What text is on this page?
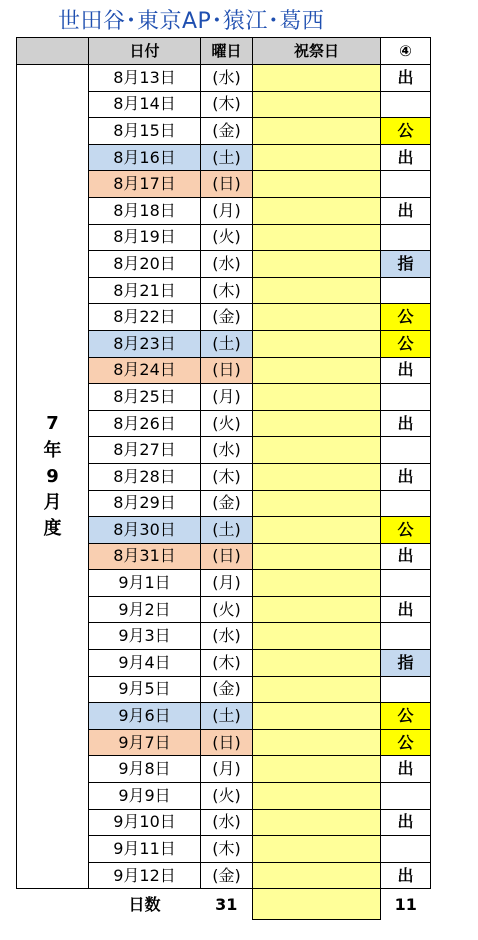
世田谷･東京AP･猿江･葛西
	日付	曜日	祝祭日	④

7
年
9
月
度	8月13日	(水)		出
	8月14日	(木)		
	8月15日	(金)		公
	8月16日	(土)		出
	8月17日	(日)		
	8月18日	(月)		出
	8月19日	(火)		
	8月20日	(水)		指
	8月21日	(木)		
	8月22日	(金)		公
	8月23日	(土)		公
	8月24日	(日)		出
	8月25日	(月)		
	8月26日	(火)		出
	8月27日	(水)		
	8月28日	(木)		出
	8月29日	(金)		
	8月30日	(土)		公
	8月31日	(日)		出
	9月1日	(月)		
	9月2日	(火)		出
	9月3日	(水)		
	9月4日	(木)		指
	9月5日	(金)		
	9月6日	(土)		公
	9月7日	(日)		公
	9月8日	(月)		出
	9月9日	(火)		
	9月10日	(水)		出
	9月11日	(木)		
	9月12日	(金)		出
	日数	31		11
